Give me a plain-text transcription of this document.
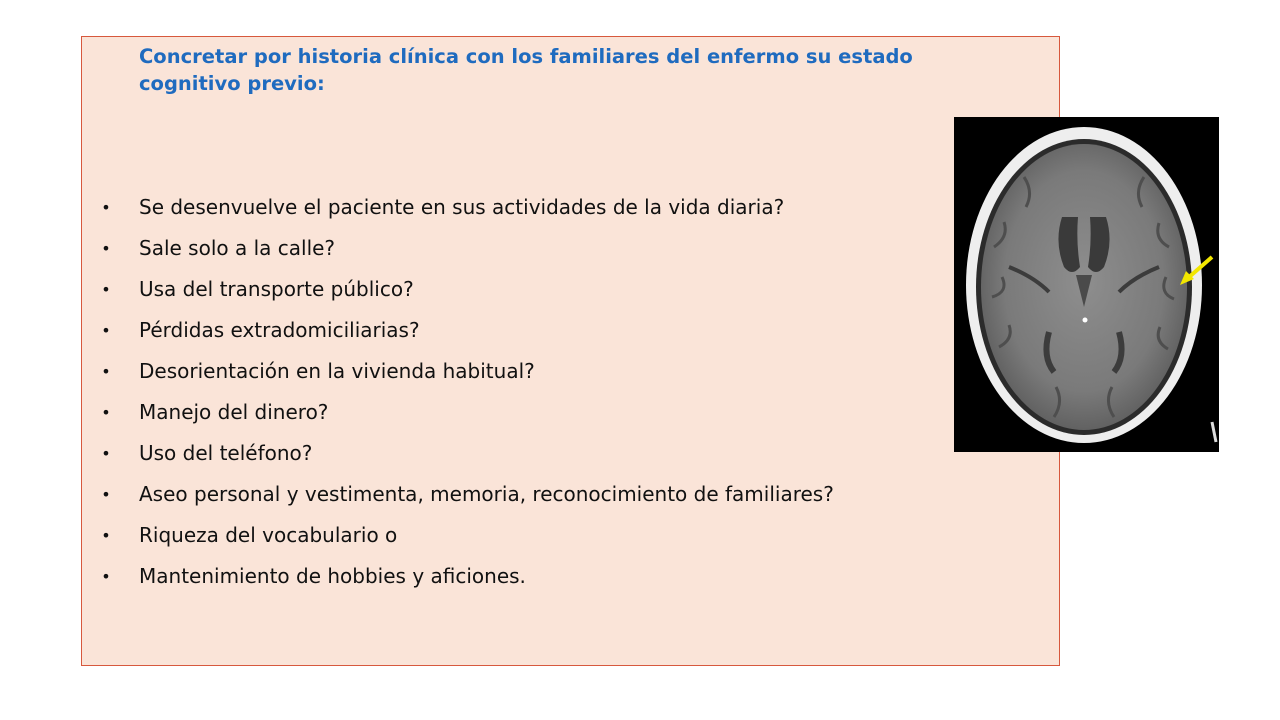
Concretar por historia clínica con los familiares del enfermo su estado cognitivo previo:

• Se desenvuelve el paciente en sus actividades de la vida diaria?
• Sale solo a la calle?
• Usa del transporte público?
• Pérdidas extradomiciliarias?
• Desorientación en la vivienda habitual?
• Manejo del dinero?
• Uso del teléfono?
• Aseo personal y vestimenta, memoria, reconocimiento de familiares?
• Riqueza del vocabulario o
• Mantenimiento de hobbies y aficiones.
